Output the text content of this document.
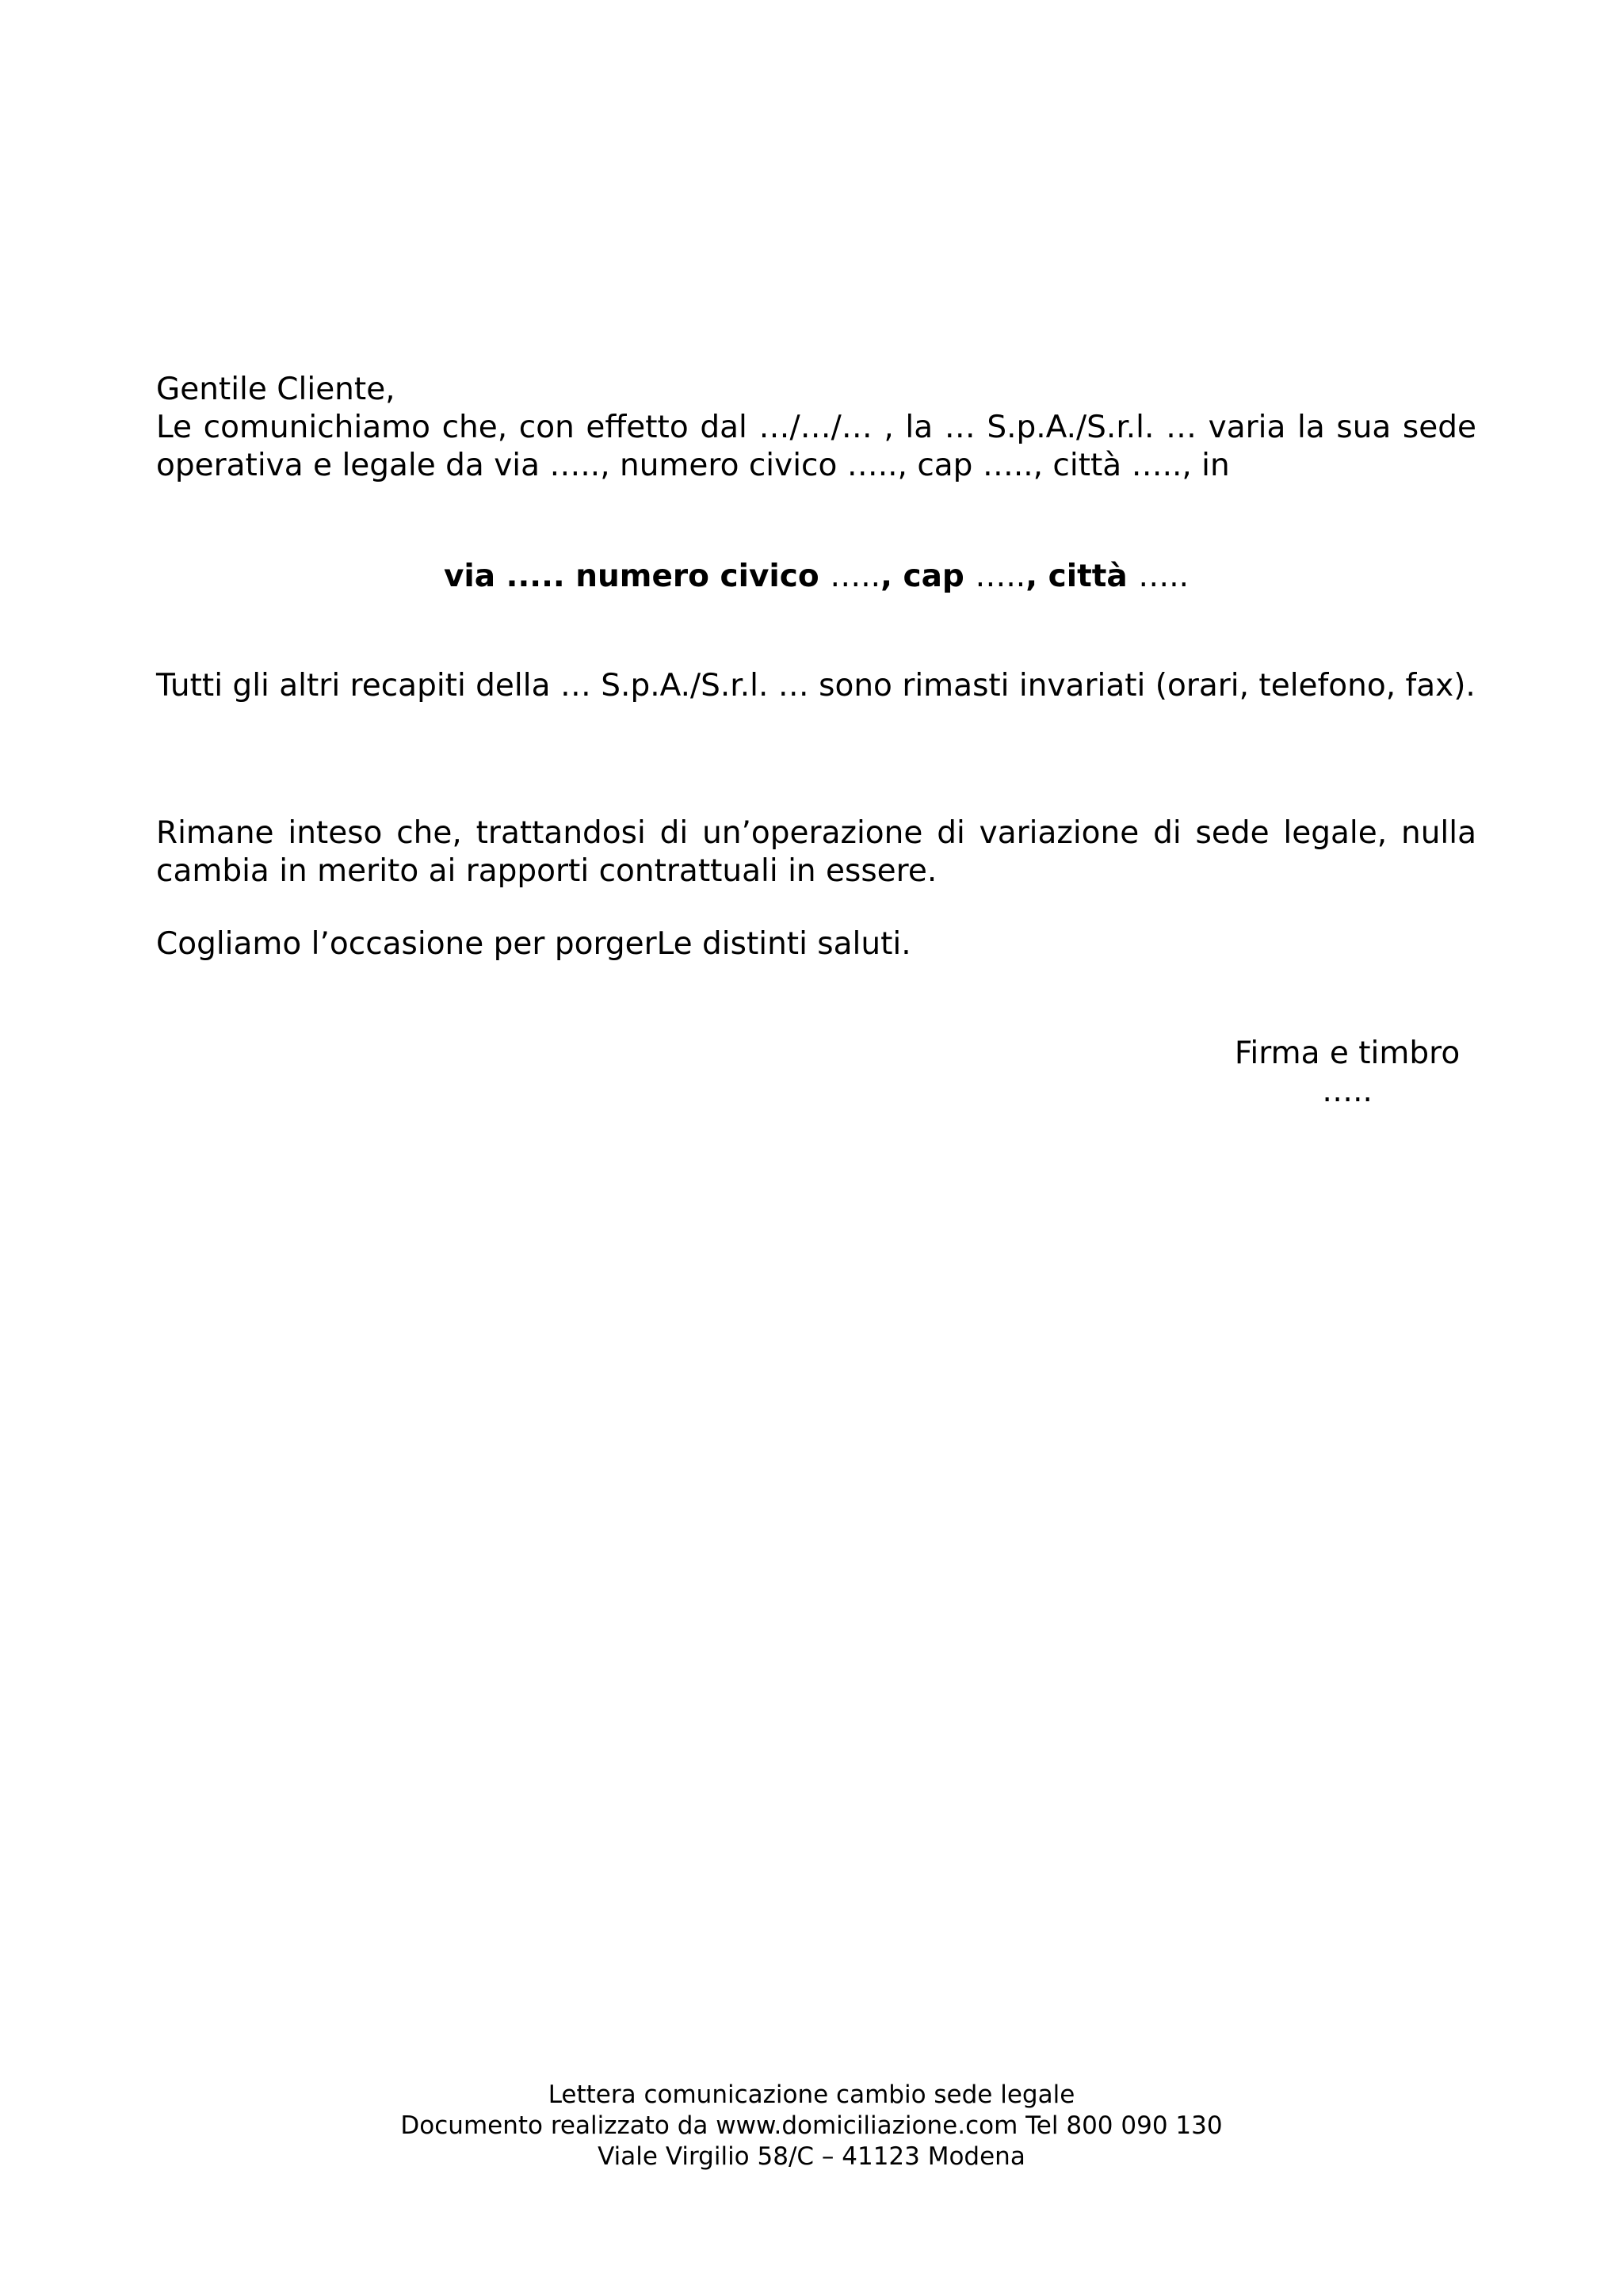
Gentile Cliente,

Le comunichiamo che, con effetto dal …/…/… , la … S.p.A./S.r.l. … varia la sua sede operativa e legale da via ….., numero civico ….., cap ….., città ….., in

via ..... numero civico ….., cap ….., città …..

Tutti gli altri recapiti della … S.p.A./S.r.l. … sono rimasti invariati (orari, telefono, fax).

Rimane inteso che, trattandosi di un’operazione di variazione di sede legale, nulla cambia in merito ai rapporti contrattuali in essere.

Cogliamo l’occasione per porgerLe distinti saluti.

Firma e timbro
…..
Lettera comunicazione cambio sede legale
Documento realizzato da www.domiciliazione.com Tel 800 090 130
Viale Virgilio 58/C – 41123 Modena
